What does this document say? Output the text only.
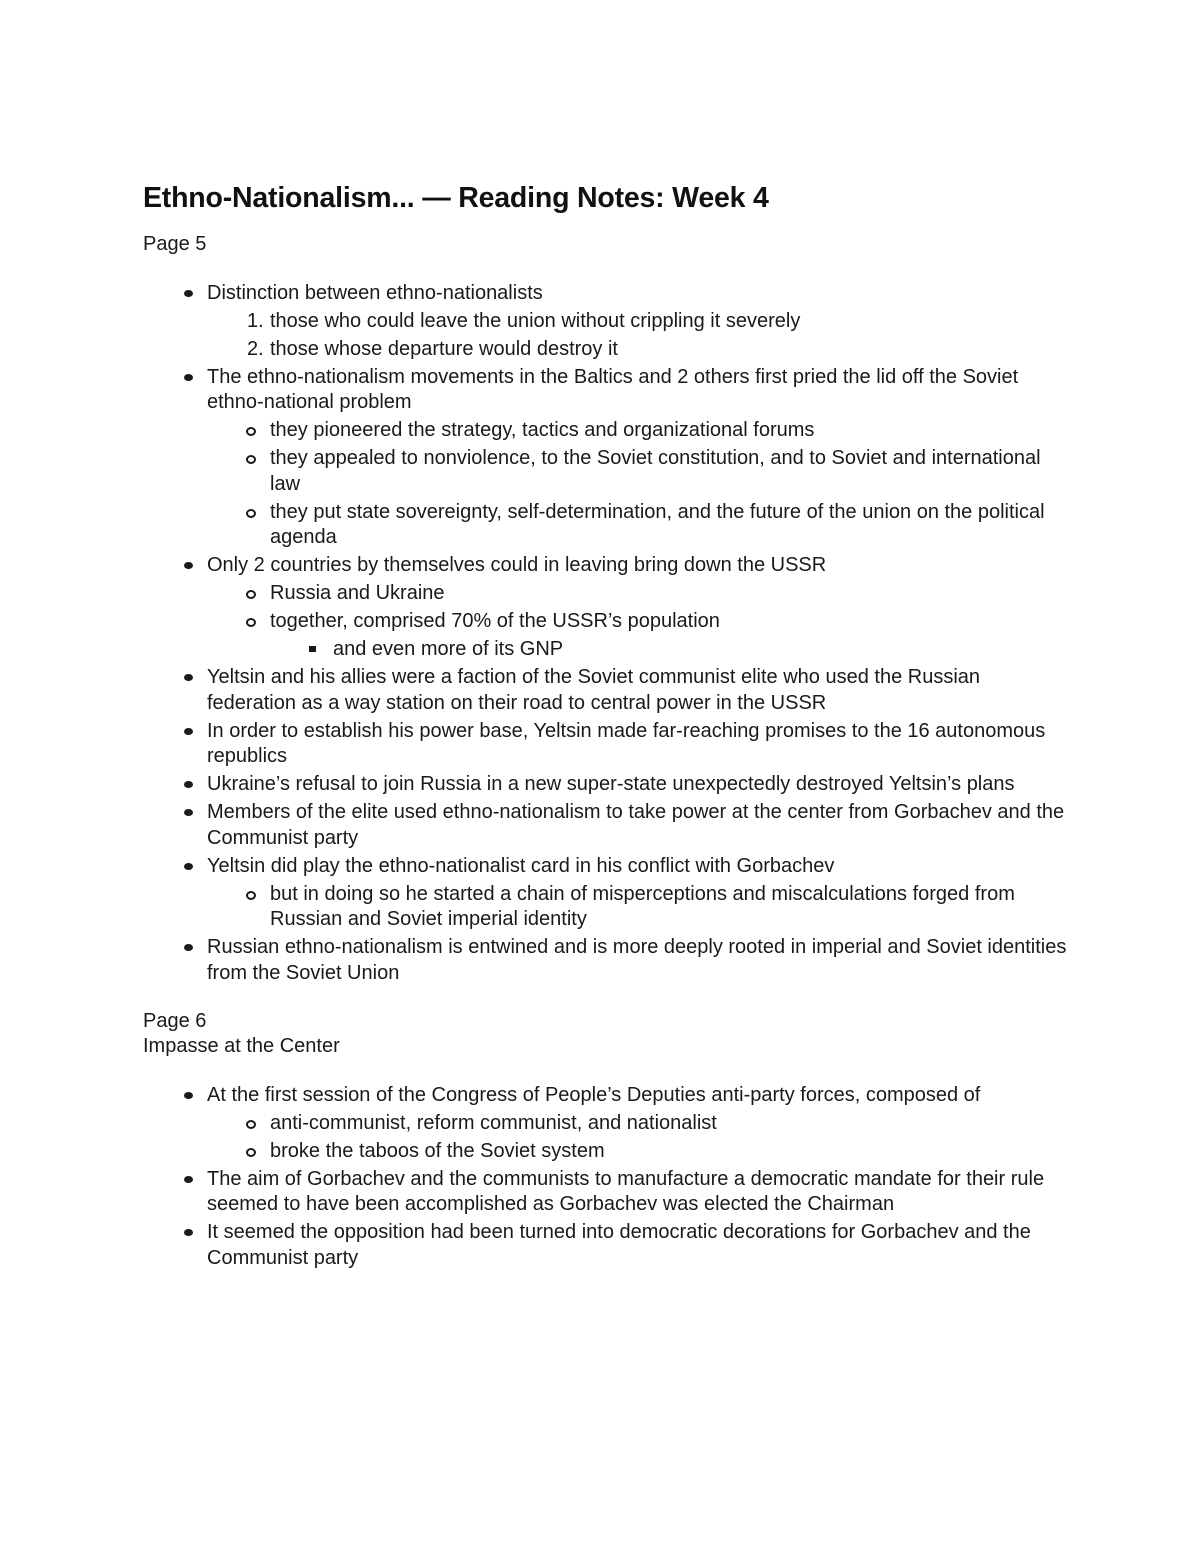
Ethno-Nationalism... — Reading Notes: Week 4

Page 5

Distinction between ethno-nationalists
1. those who could leave the union without crippling it severely
2. those whose departure would destroy it
The ethno-nationalism movements in the Baltics and 2 others first pried the lid off the Soviet ethno-national problem
they pioneered the strategy, tactics and organizational forums
they appealed to nonviolence, to the Soviet constitution, and to Soviet and international law
they put state sovereignty, self-determination, and the future of the union on the political agenda
Only 2 countries by themselves could in leaving bring down the USSR
Russia and Ukraine
together, comprised 70% of the USSR’s population
and even more of its GNP
Yeltsin and his allies were a faction of the Soviet communist elite who used the Russian federation as a way station on their road to central power in the USSR
In order to establish his power base, Yeltsin made far-reaching promises to the 16 autonomous republics
Ukraine’s refusal to join Russia in a new super-state unexpectedly destroyed Yeltsin’s plans
Members of the elite used ethno-nationalism to take power at the center from Gorbachev and the Communist party
Yeltsin did play the ethno-nationalist card in his conflict with Gorbachev
but in doing so he started a chain of misperceptions and miscalculations forged from Russian and Soviet imperial identity
Russian ethno-nationalism is entwined and is more deeply rooted in imperial and Soviet identities from the Soviet Union

Page 6

Impasse at the Center

At the first session of the Congress of People’s Deputies anti-party forces, composed of
anti-communist, reform communist, and nationalist
broke the taboos of the Soviet system
The aim of Gorbachev and the communists to manufacture a democratic mandate for their rule seemed to have been accomplished as Gorbachev was elected the Chairman
It seemed the opposition had been turned into democratic decorations for Gorbachev and the Communist party
